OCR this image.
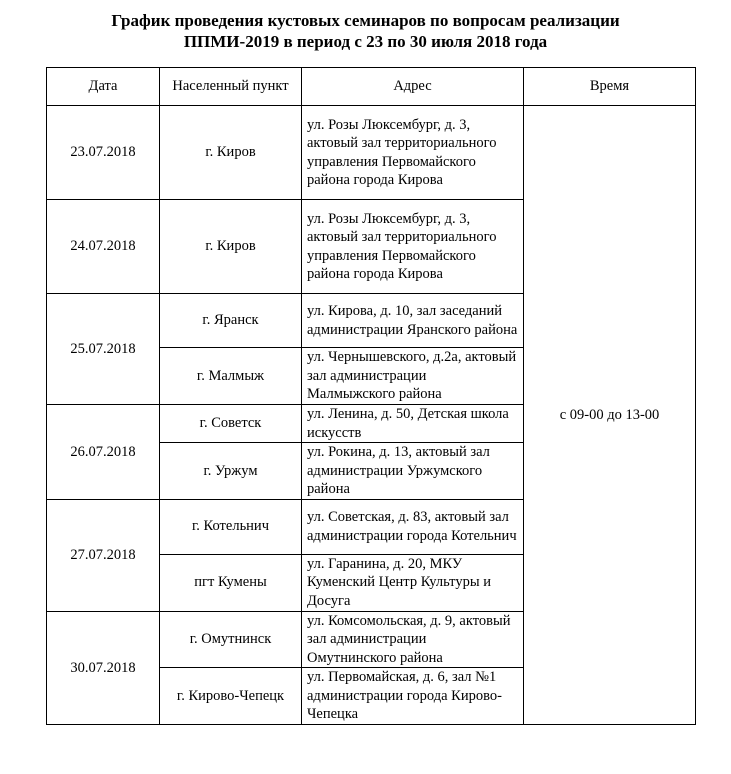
График проведения кустовых семинаров по вопросам реализации
ППМИ-2019 в период с 23 по 30 июля 2018 года
Дата	Населенный пункт	Адрес	Время
23.07.2018	г. Киров	ул. Розы Люксембург, д. 3, актовый зал территориального управления Первомайского района города Кирова	с 09-00 до 13-00
24.07.2018	г. Киров	ул. Розы Люксембург, д. 3, актовый зал территориального управления Первомайского района города Кирова	
25.07.2018	г. Яранск	ул. Кирова, д. 10, зал заседаний администрации Яранского района	
	г. Малмыж	ул. Чернышевского, д.2а, актовый зал администрации Малмыжского района	
26.07.2018	г. Советск	ул. Ленина, д. 50, Детская школа искусств	
	г. Уржум	ул. Рокина, д. 13, актовый зал администрации Уржумского района	
27.07.2018	г. Котельнич	ул. Советская, д. 83, актовый зал администрации города Котельнич	
	пгт Кумены	ул. Гаранина, д. 20, МКУ Куменский Центр Культуры и Досуга	
30.07.2018	г. Омутнинск	ул. Комсомольская, д. 9, актовый зал администрации Омутнинского района	
	г. Кирово-Чепецк	ул. Первомайская, д. 6, зал №1 администрации города Кирово-Чепецка	
